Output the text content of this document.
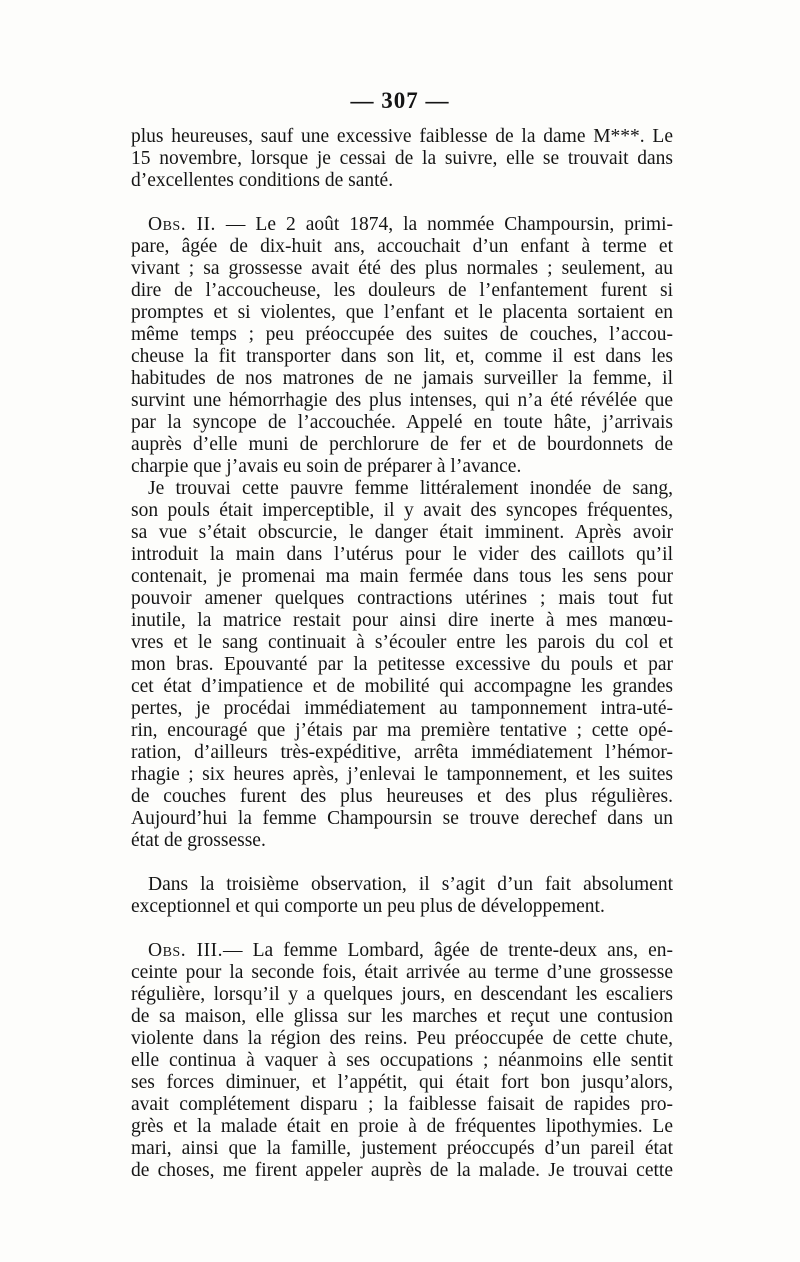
— 307 —
plus heureuses, sauf une excessive faiblesse de la dame M***. Le
15 novembre, lorsque je cessai de la suivre, elle se trouvait dans
d’excellentes conditions de santé.
Obs. II. — Le 2 août 1874, la nommée Champoursin, primi-
pare, âgée de dix-huit ans, accouchait d’un enfant à terme et
vivant ; sa grossesse avait été des plus normales ; seulement, au
dire de l’accoucheuse, les douleurs de l’enfantement furent si
promptes et si violentes, que l’enfant et le placenta sortaient en
même temps ; peu préoccupée des suites de couches, l’accou-
cheuse la fit transporter dans son lit, et, comme il est dans les
habitudes de nos matrones de ne jamais surveiller la femme, il
survint une hémorrhagie des plus intenses, qui n’a été révélée que
par la syncope de l’accouchée. Appelé en toute hâte, j’arrivais
auprès d’elle muni de perchlorure de fer et de bourdonnets de
charpie que j’avais eu soin de préparer à l’avance.
Je trouvai cette pauvre femme littéralement inondée de sang,
son pouls était imperceptible, il y avait des syncopes fréquentes,
sa vue s’était obscurcie, le danger était imminent. Après avoir
introduit la main dans l’utérus pour le vider des caillots qu’il
contenait, je promenai ma main fermée dans tous les sens pour
pouvoir amener quelques contractions utérines ; mais tout fut
inutile, la matrice restait pour ainsi dire inerte à mes manœu-
vres et le sang continuait à s’écouler entre les parois du col et
mon bras. Epouvanté par la petitesse excessive du pouls et par
cet état d’impatience et de mobilité qui accompagne les grandes
pertes, je procédai immédiatement au tamponnement intra-uté-
rin, encouragé que j’étais par ma première tentative ; cette opé-
ration, d’ailleurs très-expéditive, arrêta immédiatement l’hémor-
rhagie ; six heures après, j’enlevai le tamponnement, et les suites
de couches furent des plus heureuses et des plus régulières.
Aujourd’hui la femme Champoursin se trouve derechef dans un
état de grossesse.
Dans la troisième observation, il s’agit d’un fait absolument
exceptionnel et qui comporte un peu plus de développement.
Obs. III.— La femme Lombard, âgée de trente-deux ans, en-
ceinte pour la seconde fois, était arrivée au terme d’une grossesse
régulière, lorsqu’il y a quelques jours, en descendant les escaliers
de sa maison, elle glissa sur les marches et reçut une contusion
violente dans la région des reins. Peu préoccupée de cette chute,
elle continua à vaquer à ses occupations ; néanmoins elle sentit
ses forces diminuer, et l’appétit, qui était fort bon jusqu’alors,
avait complétement disparu ; la faiblesse faisait de rapides pro-
grès et la malade était en proie à de fréquentes lipothymies. Le
mari, ainsi que la famille, justement préoccupés d’un pareil état
de choses, me firent appeler auprès de la malade. Je trouvai cette
